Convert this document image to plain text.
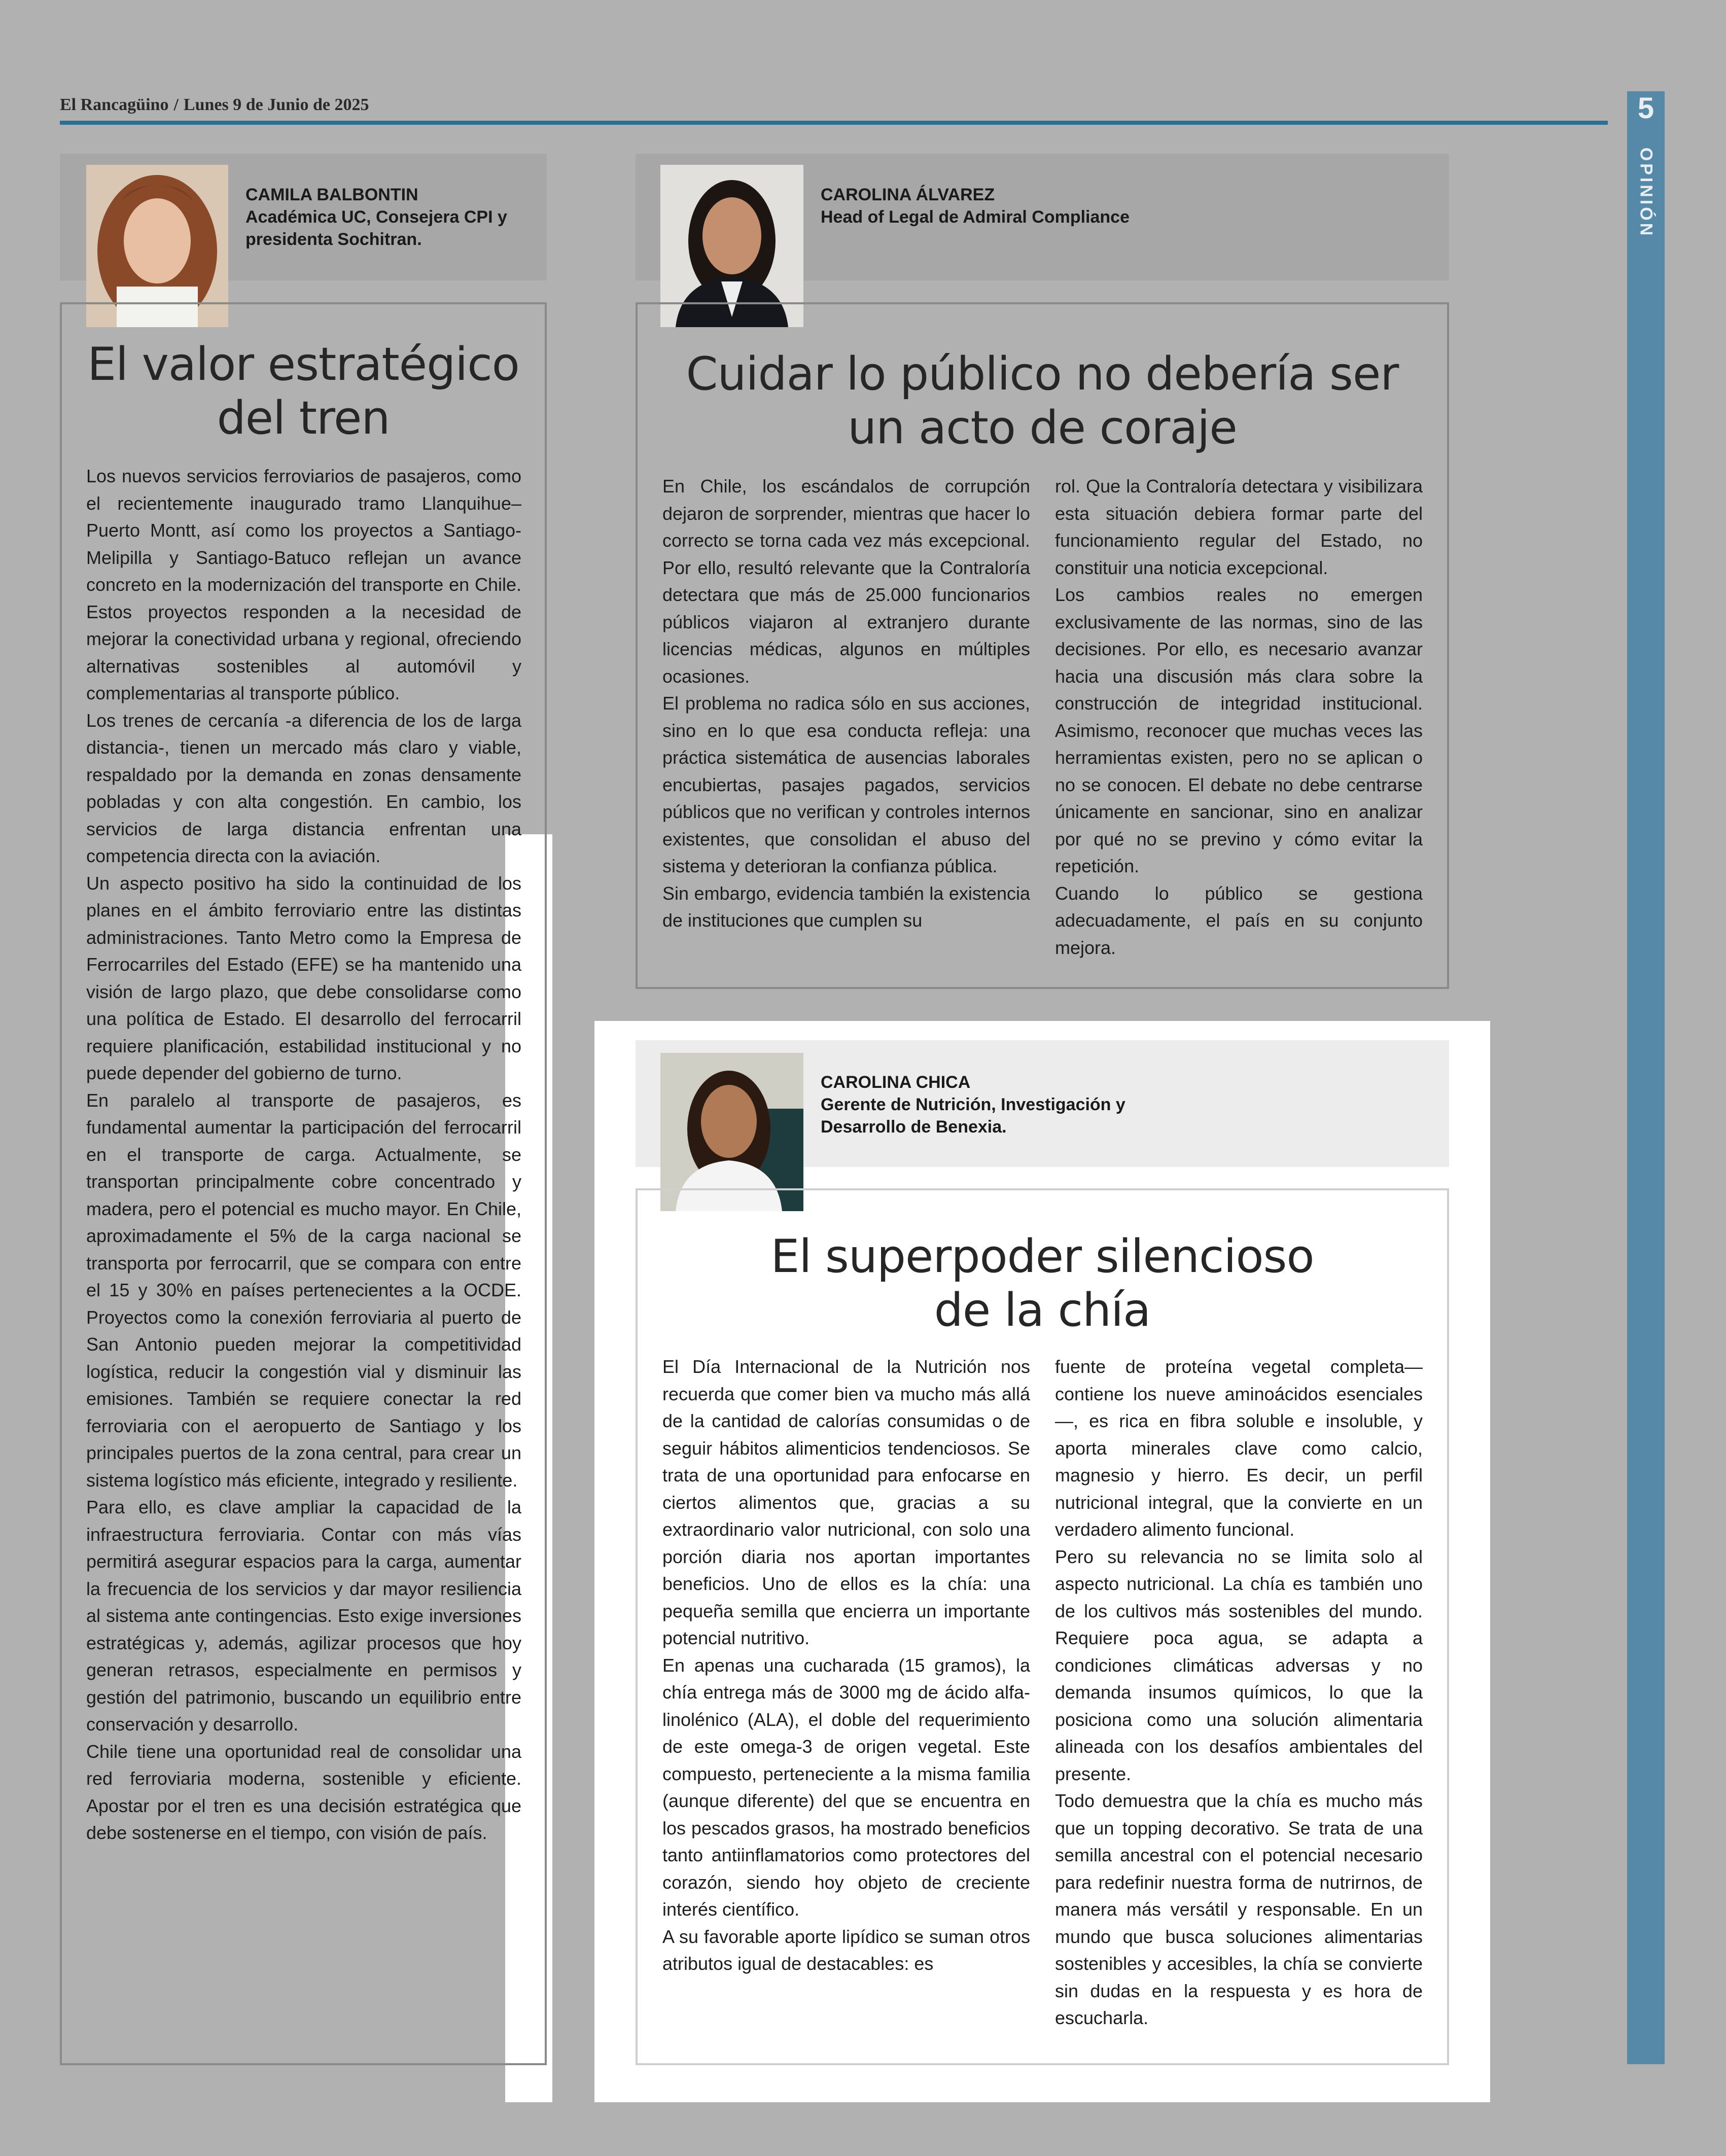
El Rancagüino / Lunes 9 de Junio de 2025	5
OPINIÓN
CAMILA BALBONTIN
Académica UC, Consejera CPI y presidenta Sochitran.
El valor estratégico
del tren

Los nuevos servicios ferroviarios de pasajeros, como el recientemente inaugurado tramo Llanquihue–Puerto Montt, así como los proyectos a Santiago-Melipilla y Santiago-Batuco reflejan un avance concreto en la modernización del transporte en Chile. Estos proyectos responden a la necesidad de mejorar la conectividad urbana y regional, ofreciendo alternativas sostenibles al automóvil y complementarias al transporte público.

Los trenes de cercanía -a diferencia de los de larga distancia-, tienen un mercado más claro y viable, respaldado por la demanda en zonas densamente pobladas y con alta congestión. En cambio, los servicios de larga distancia enfrentan una competencia directa con la aviación.

Un aspecto positivo ha sido la continuidad de los planes en el ámbito ferroviario entre las distintas administraciones. Tanto Metro como la Empresa de Ferrocarriles del Estado (EFE) se ha mantenido una visión de largo plazo, que debe consolidarse como una política de Estado. El desarrollo del ferrocarril requiere planificación, estabilidad institucional y no puede depender del gobierno de turno.

En paralelo al transporte de pasajeros, es fundamental aumentar la participación del ferrocarril en el transporte de carga. Actualmente, se transportan principalmente cobre concentrado y madera, pero el potencial es mucho mayor. En Chile, aproximadamente el 5% de la carga nacional se transporta por ferrocarril, que se compara con entre el 15 y 30% en países pertenecientes a la OCDE. Proyectos como la conexión ferroviaria al puerto de San Antonio pueden mejorar la competitividad logística, reducir la congestión vial y disminuir las emisiones. También se requiere conectar la red ferroviaria con el aeropuerto de Santiago y los principales puertos de la zona central, para crear un sistema logístico más eficiente, integrado y resiliente.

Para ello, es clave ampliar la capacidad de la infraestructura ferroviaria. Contar con más vías permitirá asegurar espacios para la carga, aumentar la frecuencia de los servicios y dar mayor resiliencia al sistema ante contingencias. Esto exige inversiones estratégicas y, además, agilizar procesos que hoy generan retrasos, especialmente en permisos y gestión del patrimonio, buscando un equilibrio entre conservación y desarrollo.

Chile tiene una oportunidad real de consolidar una red ferroviaria moderna, sostenible y eficiente. Apostar por el tren es una decisión estratégica que debe sostenerse en el tiempo, con visión de país.

CAROLINA ÁLVAREZ
Head of Legal de Admiral Compliance
Cuidar lo público no debería ser
un acto de coraje

En Chile, los escándalos de corrupción dejaron de sorprender, mientras que hacer lo correcto se torna cada vez más excepcional. Por ello, resultó relevante que la Contraloría detectara que más de 25.000 funcionarios públicos viajaron al extranjero durante licencias médicas, algunos en múltiples ocasiones.

El problema no radica sólo en sus acciones, sino en lo que esa conducta refleja: una práctica sistemática de ausencias laborales encubiertas, pasajes pagados, servicios públicos que no verifican y controles internos existentes, que consolidan el abuso del sistema y deterioran la confianza pública.

Sin embargo, evidencia también la existencia de instituciones que cumplen su

rol. Que la Contraloría detectara y visibilizara esta situación debiera formar parte del funcionamiento regular del Estado, no constituir una noticia excepcional.

Los cambios reales no emergen exclusivamente de las normas, sino de las decisiones. Por ello, es necesario avanzar hacia una discusión más clara sobre la construcción de integridad institucional. Asimismo, reconocer que muchas veces las herramientas existen, pero no se aplican o no se conocen. El debate no debe centrarse únicamente en sancionar, sino en analizar por qué no se previno y cómo evitar la repetición.

Cuando lo público se gestiona adecuadamente, el país en su conjunto mejora.

CAROLINA CHICA
Gerente de Nutrición, Investigación y Desarrollo de Benexia.
El superpoder silencioso
de la chía

El Día Internacional de la Nutrición nos recuerda que comer bien va mucho más allá de la cantidad de calorías consumidas o de seguir hábitos alimenticios tendenciosos. Se trata de una oportunidad para enfocarse en ciertos alimentos que, gracias a su extraordinario valor nutricional, con solo una porción diaria nos aportan importantes beneficios. Uno de ellos es la chía: una pequeña semilla que encierra un importante potencial nutritivo.

En apenas una cucharada (15 gramos), la chía entrega más de 3000 mg de ácido alfa-linolénico (ALA), el doble del requerimiento de este omega-3 de origen vegetal. Este compuesto, perteneciente a la misma familia (aunque diferente) del que se encuentra en los pescados grasos, ha mostrado beneficios tanto antiinflamatorios como protectores del corazón, siendo hoy objeto de creciente interés científico.

A su favorable aporte lipídico se suman otros atributos igual de destacables: es

fuente de proteína vegetal completa—contiene los nueve aminoácidos esenciales—, es rica en fibra soluble e insoluble, y aporta minerales clave como calcio, magnesio y hierro. Es decir, un perfil nutricional integral, que la convierte en un verdadero alimento funcional.

Pero su relevancia no se limita solo al aspecto nutricional. La chía es también uno de los cultivos más sostenibles del mundo. Requiere poca agua, se adapta a condiciones climáticas adversas y no demanda insumos químicos, lo que la posiciona como una solución alimentaria alineada con los desafíos ambientales del presente.

Todo demuestra que la chía es mucho más que un topping decorativo. Se trata de una semilla ancestral con el potencial necesario para redefinir nuestra forma de nutrirnos, de manera más versátil y responsable. En un mundo que busca soluciones alimentarias sostenibles y accesibles, la chía se convierte sin dudas en la respuesta y es hora de escucharla.
